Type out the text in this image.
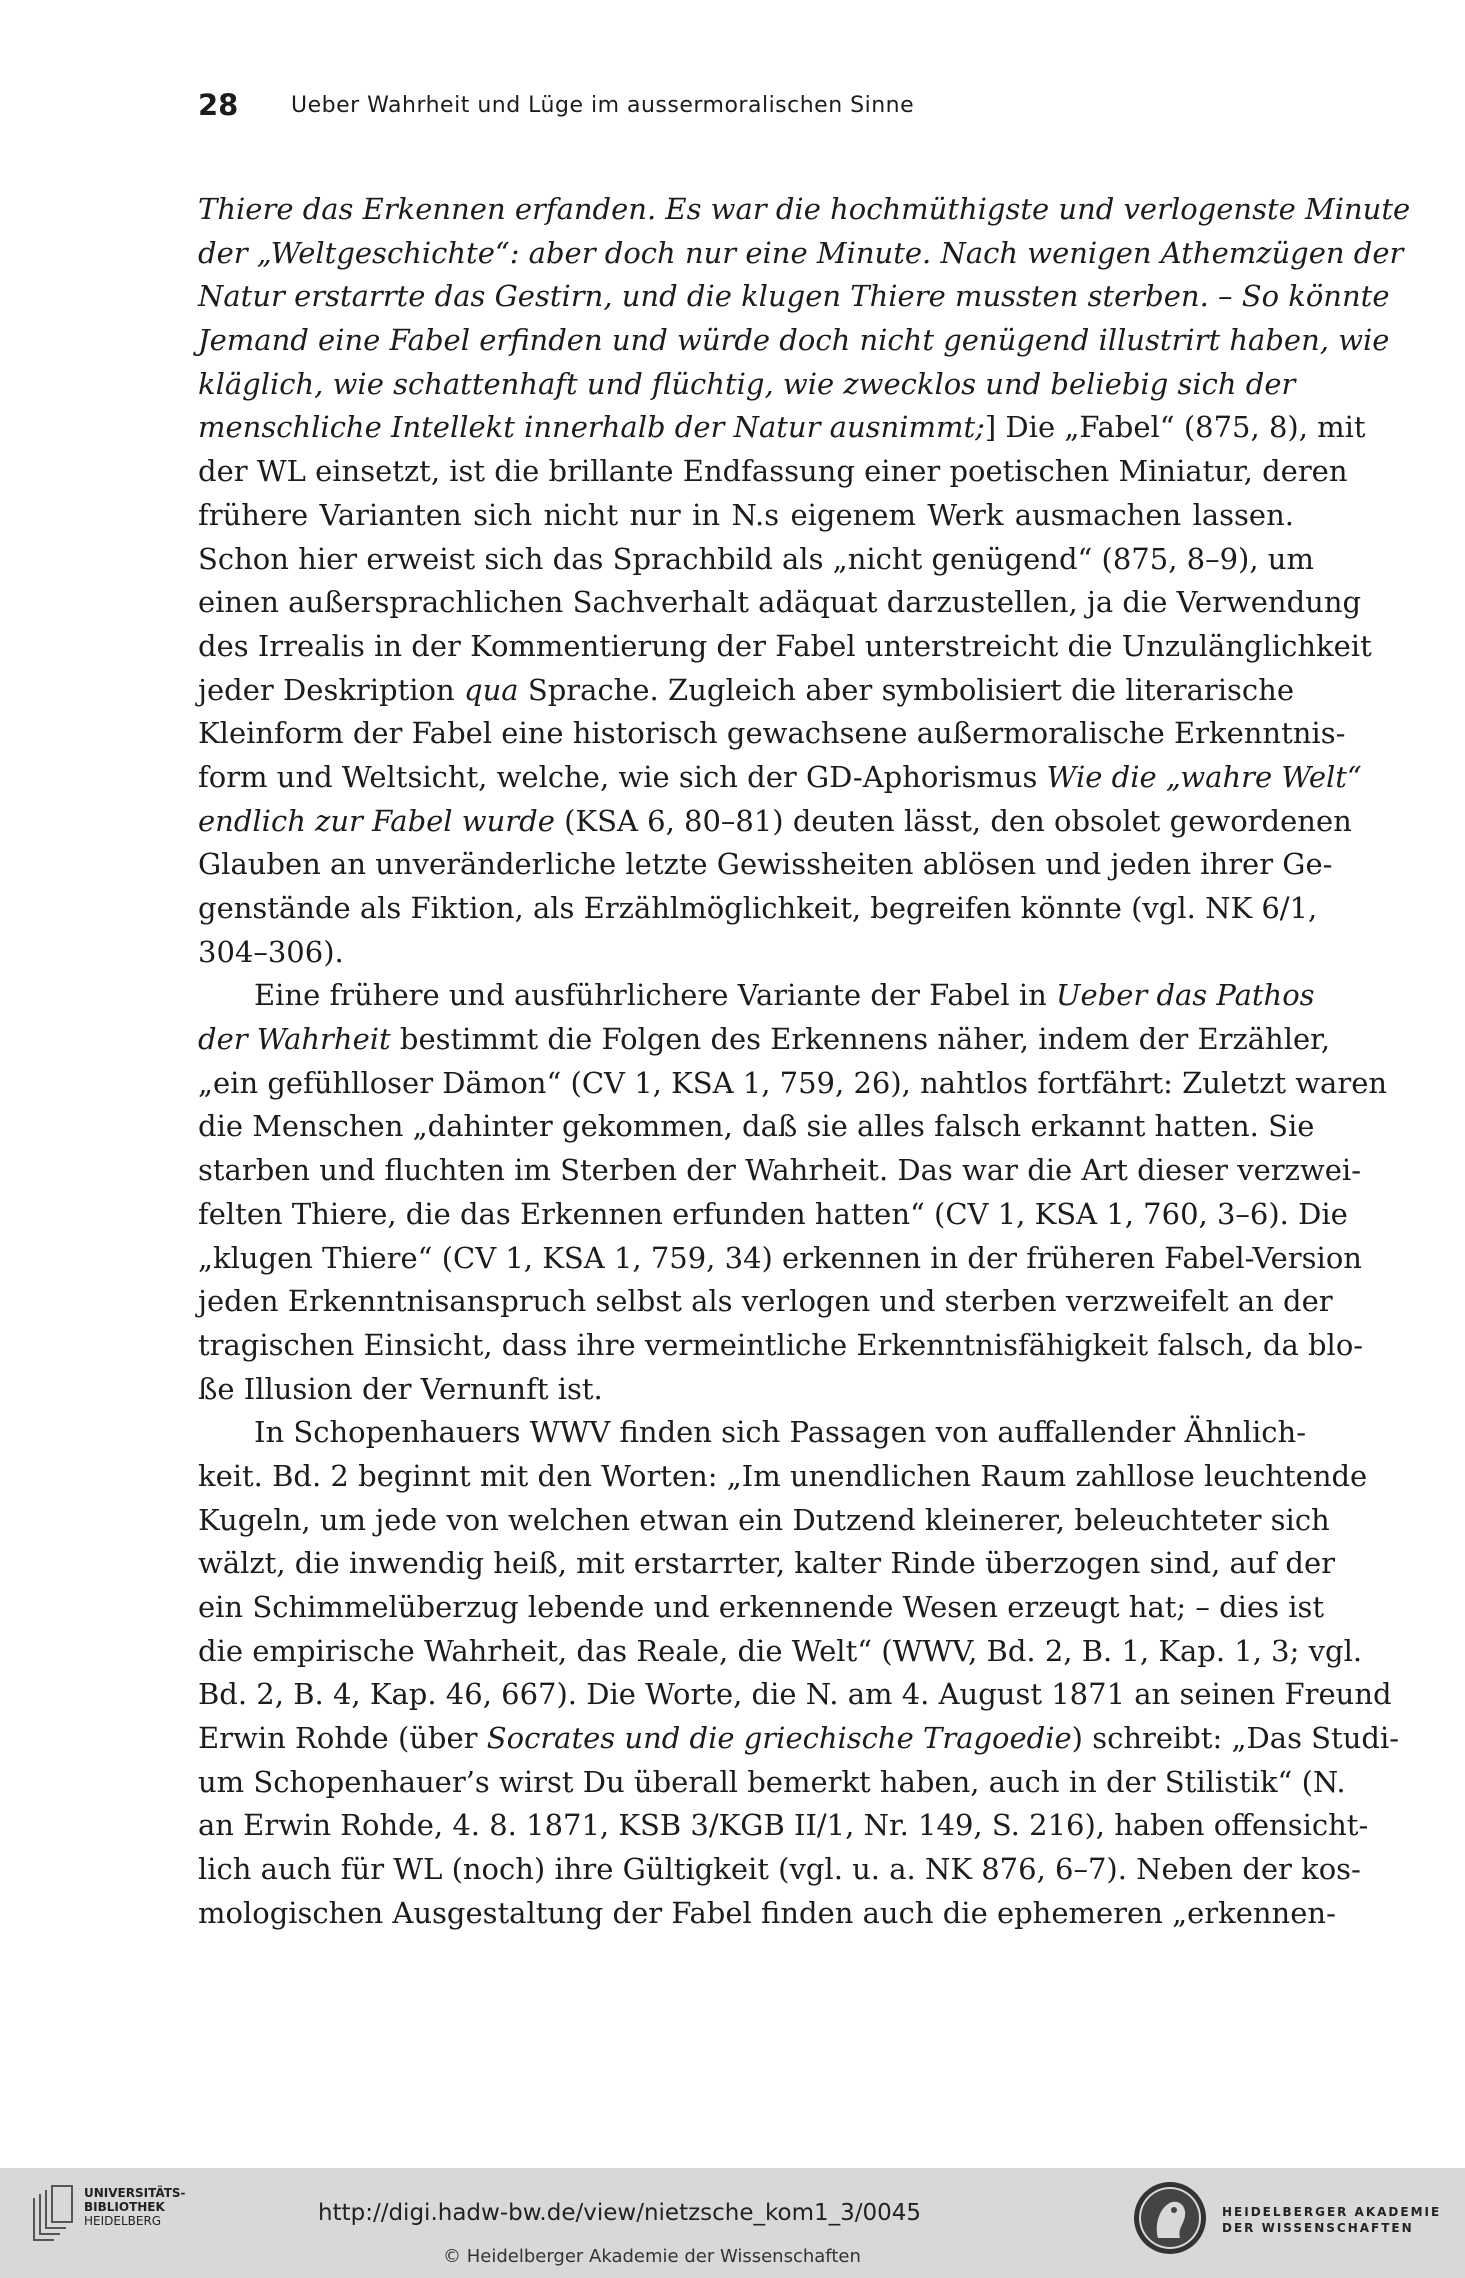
28 Ueber Wahrheit und Lüge im aussermoralischen Sinne
Thiere das Erkennen erfanden. Es war die hochmüthigste und verlogenste Minute
der „Weltgeschichte“: aber doch nur eine Minute. Nach wenigen Athemzügen der
Natur erstarrte das Gestirn, und die klugen Thiere mussten sterben. – So könnte
Jemand eine Fabel erfinden und würde doch nicht genügend illustrirt haben, wie
kläglich, wie schattenhaft und flüchtig, wie zwecklos und beliebig sich der
menschliche Intellekt innerhalb der Natur ausnimmt;] Die „Fabel“ (875, 8), mit
der WL einsetzt, ist die brillante Endfassung einer poetischen Miniatur, deren
frühere Varianten sich nicht nur in N.s eigenem Werk ausmachen lassen.
Schon hier erweist sich das Sprachbild als „nicht genügend“ (875, 8–9), um
einen außersprachlichen Sachverhalt adäquat darzustellen, ja die Verwendung
des Irrealis in der Kommentierung der Fabel unterstreicht die Unzulänglichkeit
jeder Deskription qua Sprache. Zugleich aber symbolisiert die literarische
Kleinform der Fabel eine historisch gewachsene außermoralische Erkenntnis-
form und Weltsicht, welche, wie sich der GD-Aphorismus Wie die „wahre Welt“
endlich zur Fabel wurde (KSA 6, 80–81) deuten lässt, den obsolet gewordenen
Glauben an unveränderliche letzte Gewissheiten ablösen und jeden ihrer Ge-
genstände als Fiktion, als Erzählmöglichkeit, begreifen könnte (vgl. NK 6/1,
304–306).
Eine frühere und ausführlichere Variante der Fabel in Ueber das Pathos
der Wahrheit bestimmt die Folgen des Erkennens näher, indem der Erzähler,
„ein gefühlloser Dämon“ (CV 1, KSA 1, 759, 26), nahtlos fortfährt: Zuletzt waren
die Menschen „dahinter gekommen, daß sie alles falsch erkannt hatten. Sie
starben und fluchten im Sterben der Wahrheit. Das war die Art dieser verzwei-
felten Thiere, die das Erkennen erfunden hatten“ (CV 1, KSA 1, 760, 3–6). Die
„klugen Thiere“ (CV 1, KSA 1, 759, 34) erkennen in der früheren Fabel-Version
jeden Erkenntnisanspruch selbst als verlogen und sterben verzweifelt an der
tragischen Einsicht, dass ihre vermeintliche Erkenntnisfähigkeit falsch, da blo-
ße Illusion der Vernunft ist.
In Schopenhauers WWV finden sich Passagen von auffallender Ähnlich-
keit. Bd. 2 beginnt mit den Worten: „Im unendlichen Raum zahllose leuchtende
Kugeln, um jede von welchen etwan ein Dutzend kleinerer, beleuchteter sich
wälzt, die inwendig heiß, mit erstarrter, kalter Rinde überzogen sind, auf der
ein Schimmelüberzug lebende und erkennende Wesen erzeugt hat; – dies ist
die empirische Wahrheit, das Reale, die Welt“ (WWV, Bd. 2, B. 1, Kap. 1, 3; vgl.
Bd. 2, B. 4, Kap. 46, 667). Die Worte, die N. am 4. August 1871 an seinen Freund
Erwin Rohde (über Socrates und die griechische Tragoedie) schreibt: „Das Studi-
um Schopenhauer’s wirst Du überall bemerkt haben, auch in der Stilistik“ (N.
an Erwin Rohde, 4. 8. 1871, KSB 3/KGB II/1, Nr. 149, S. 216), haben offensicht-
lich auch für WL (noch) ihre Gültigkeit (vgl. u. a. NK 876, 6–7). Neben der kos-
mologischen Ausgestaltung der Fabel finden auch die ephemeren „erkennen-
UNIVERSITÄTS-
BIBLIOTHEK
HEIDELBERG	http://digi.hadw-bw.de/view/nietzsche_kom1_3/0045
© Heidelberger Akademie der Wissenschaften
HEIDELBERGER AKADEMIE
DER WISSENSCHAFTEN
